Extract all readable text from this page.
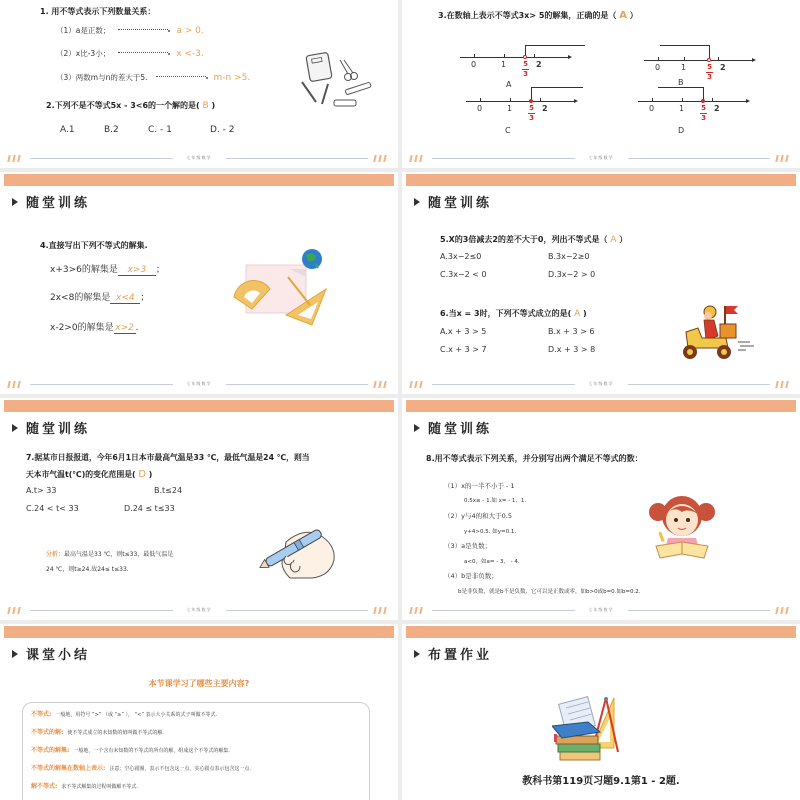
1. 用不等式表示下列数量关系：
（1）a是正数；	a > 0.
（2）x比-3小；	x <-3.
（3）两数m与n的差大于5.	m-n >5.
2.下列不是不等式5x - 3<6的一个解的是( B )
A.1	B.2	C. - 1	D. - 2
七年级数学
3.在数轴上表示不等式3x> 5的解集，正确的是（ A ）
0	1	2
5
3
A
0	1	2
5
3
B
0	1	2
5
3
C
0	1	2
5
3
D
七年级数学
随堂训练
4.直接写出下列不等式的解集.
x+3>6的解集是 x>3 ；
2x<8的解集是 x<4 ；
x-2>0的解集是 x>2 .
七年级数学
随堂训练
5.X的3倍减去2的差不大于0，列出不等式是（ A ）
A.3x−2≤0	B.3x−2≥0
C.3x−2 < 0	D.3x−2 > 0
6.当x = 3时，下列不等式成立的是( A )
A.x + 3 > 5	B.x + 3 > 6
C.x + 3 > 7	D.x + 3 > 8
七年级数学
随堂训练
7.据某市日报报道，今年6月1日本市最高气温是33 ℃，最低气温是24 ℃，则当
天本市气温t(℃)的变化范围是( D )
A.t> 33	B.t≤24
C.24 < t< 33	D.24 ≤ t≤33
分析：最高气温是33 ℃，则t≤33，最低气温是
24 ℃，则t≥24.故24≤ t≤33.
七年级数学
随堂训练
8.用不等式表示下列关系，并分别写出两个满足不等式的数：
（1）x的一半不小于 - 1
0.5x≥ - 1.如 x= - 1，1.
（2）y与4的和大于0.5
y+4>0.5. 如y=0.1.
（3）a是负数；
a<0，如a= - 3， - 4.
（4）b是非负数；
b是非负数，就是b不是负数，它可以是正数或零，如b>0或b=0.如b=0.2.
七年级数学
课堂小结
本节课学习了哪些主要内容?
不等式: 一般地，用符号 “>” （或 “≥” ）， “<” 表示大小关系的式子叫做不等式.
不等式的解: 使不等式成立的未知数的值叫做不等式的解.
不等式的解集: 一般地，一个含有未知数的不等式的所有的解，组成这个不等式的解集.
不等式的解集在数轴上表示: 注意：空心圆圈，表示不包含这一点，实心圆点表示包含这一点.
解不等式: 求不等式解集的过程叫做解不等式.
布置作业
教科书第119页习题9.1第1 - 2题.
